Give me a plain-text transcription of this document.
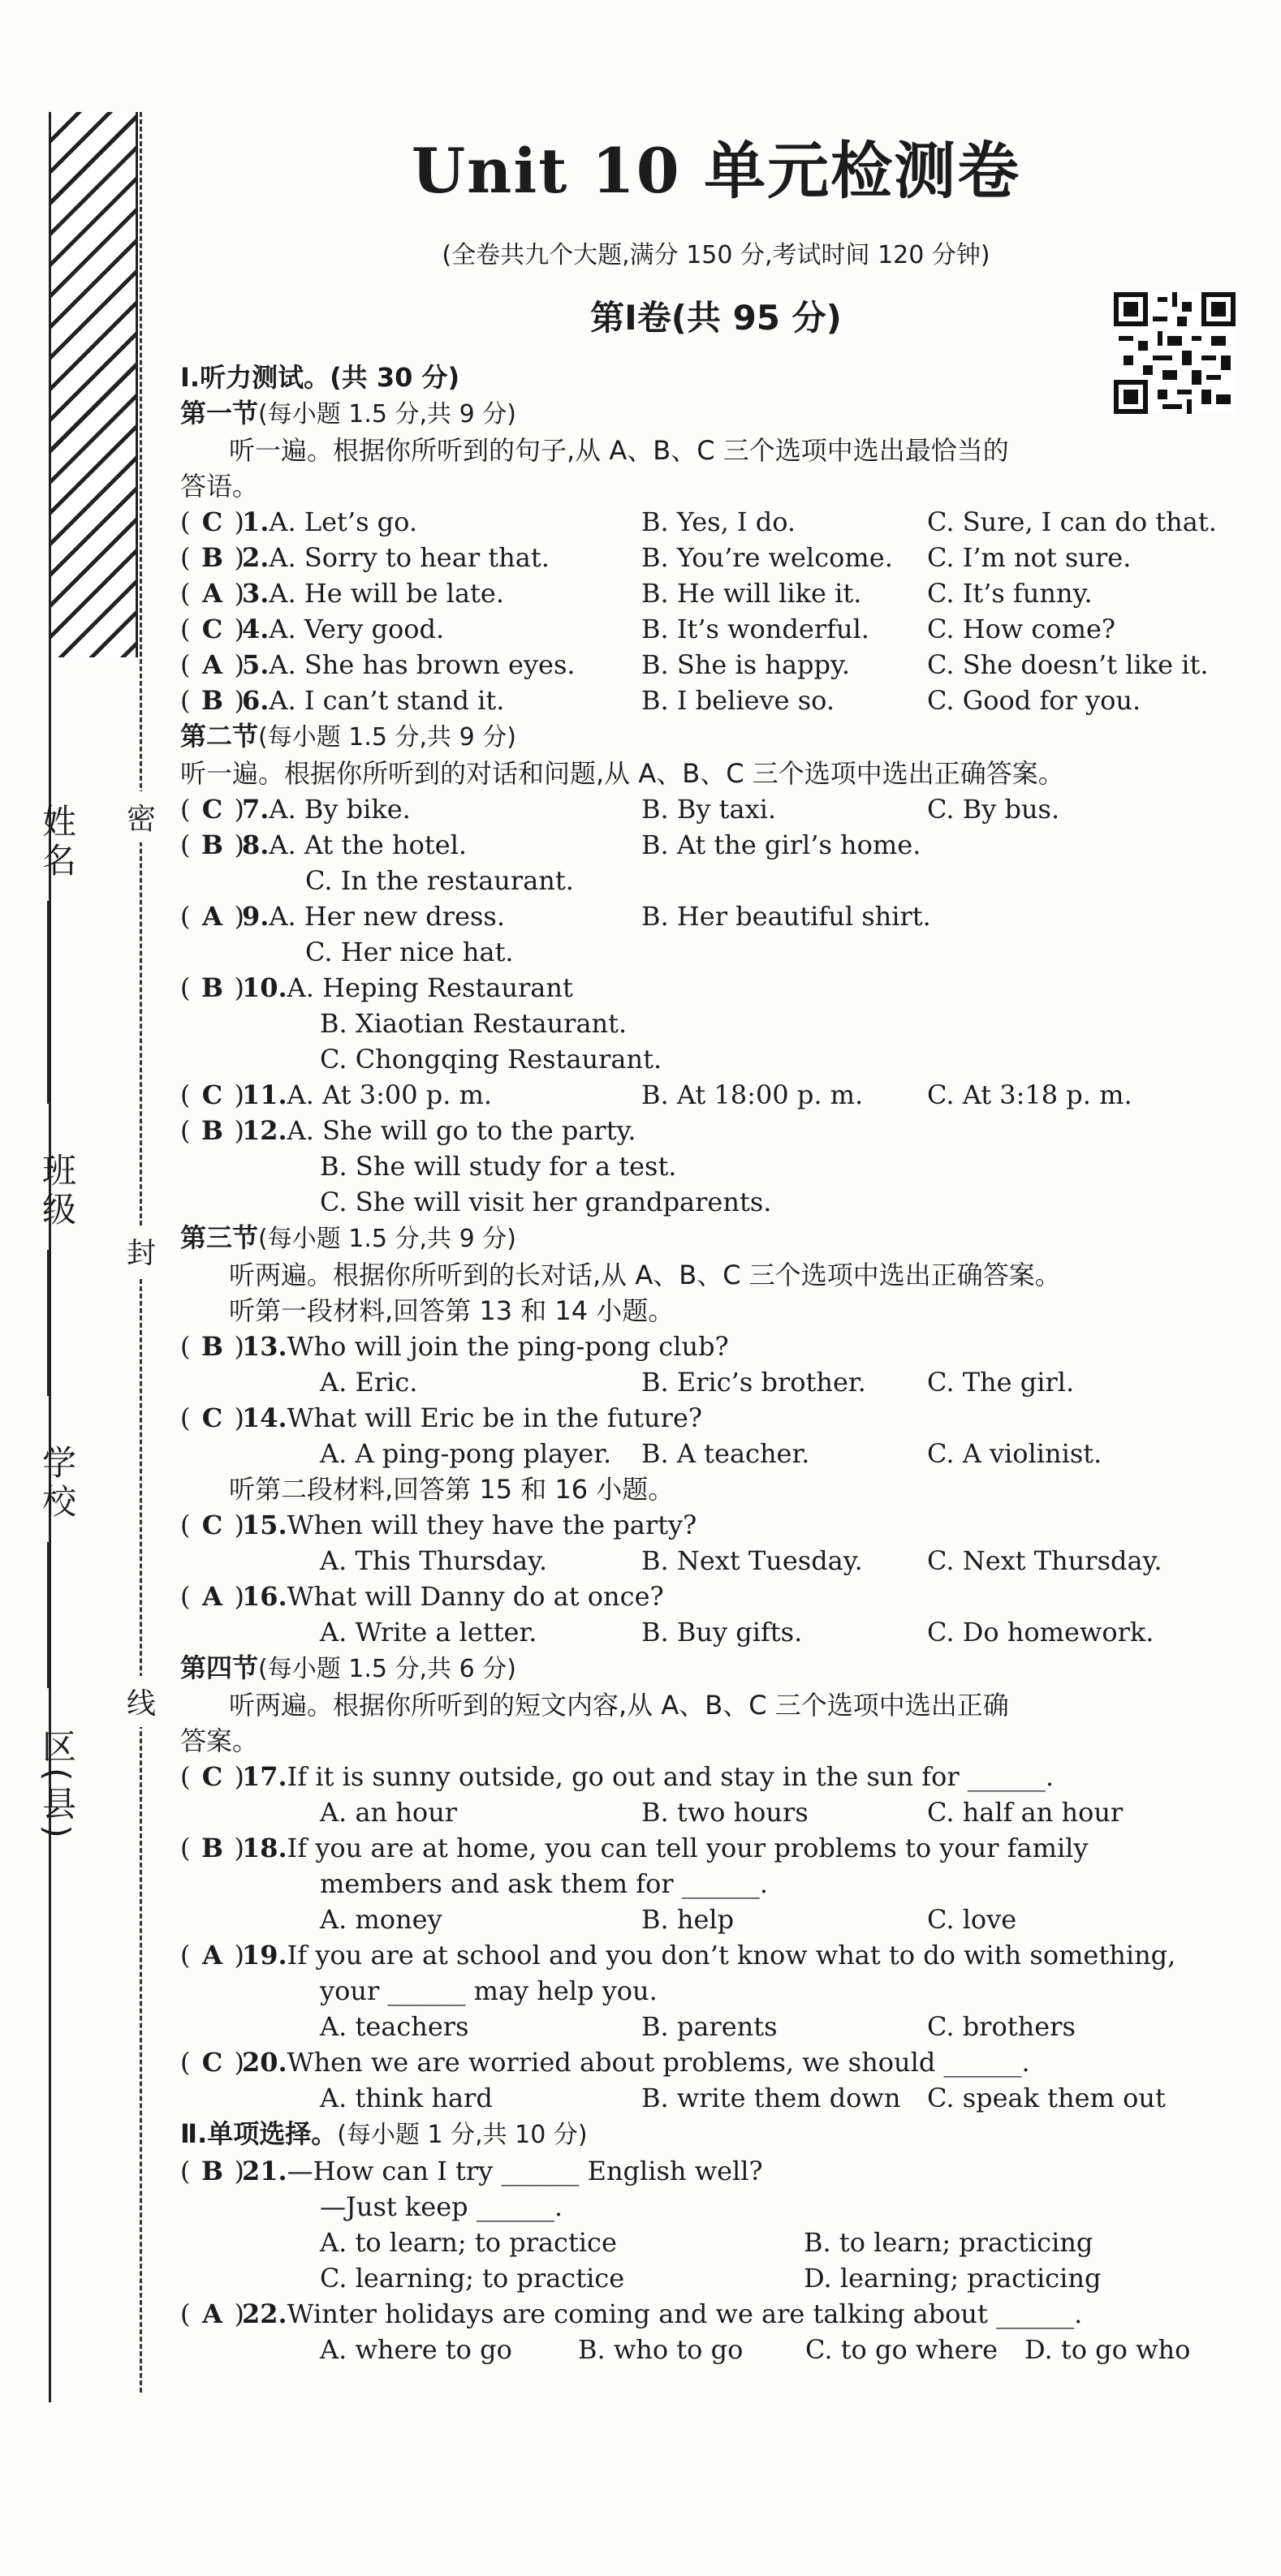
姓名
班级
学校
区(县)
密
封
线
Unit 10 单元检测卷
(全卷共九个大题,满分 150 分,考试时间 120 分钟)
第Ⅰ卷(共 95 分)
Ⅰ.听力测试。(共 30 分)
第一节(每小题 1.5 分,共 9 分)
听一遍。根据你所听到的句子,从 A、B、C 三个选项中选出最恰当的
答语。
( C )
1.A. Let’s go.	B. Yes, I do.	C. Sure, I can do that.
( B )
2.A. Sorry to hear that.	B. You’re welcome. C. I’m not sure.
( A )
3.A. He will be late.	B. He will like it.	C. It’s funny.
( C )
4.A. Very good.	B. It’s wonderful. C. How come?
( A )
5.A. She has brown eyes.	B. She is happy.	C. She doesn’t like it.
( B )
6.A. I can’t stand it.	B. I believe so.	C. Good for you.
第二节(每小题 1.5 分,共 9 分)
听一遍。根据你所听到的对话和问题,从 A、B、C 三个选项中选出正确答案。
( C )
7.A. By bike.	B. By taxi.	C. By bus.
( B )
8.A. At the hotel.	B. At the girl’s home.
C. In the restaurant.
( A )
9.A. Her new dress.	B. Her beautiful shirt.
C. Her nice hat.
( B )
10.A. Heping Restaurant
B. Xiaotian Restaurant.
C. Chongqing Restaurant.
( C )
11.A. At 3:00 p. m.	B. At 18:00 p. m. C. At 3:18 p. m.
( B )
12.A. She will go to the party.
B. She will study for a test.
C. She will visit her grandparents.
第三节(每小题 1.5 分,共 9 分)
听两遍。根据你所听到的长对话,从 A、B、C 三个选项中选出正确答案。
听第一段材料,回答第 13 和 14 小题。
( B )
13.Who will join the ping-pong club?
A. Eric.	B. Eric’s brother. C. The girl.
( C )
14.What will Eric be in the future?
A. A ping-pong player. B. A teacher.	C. A violinist.
听第二段材料,回答第 15 和 16 小题。
( C )
15.When will they have the party?
A. This Thursday.	B. Next Tuesday. C. Next Thursday.
( A )
16.What will Danny do at once?
A. Write a letter.	B. Buy gifts.	C. Do homework.
第四节(每小题 1.5 分,共 6 分)
听两遍。根据你所听到的短文内容,从 A、B、C 三个选项中选出正确
答案。
( C )
17.If it is sunny outside, go out and stay in the sun for ______.
A. an hour	B. two hours	C. half an hour
( B )
18.If you are at home, you can tell your problems to your family
members and ask them for ______.
A. money	B. help	C. love
( A )
19.If you are at school and you don’t know what to do with something,
your ______ may help you.
A. teachers	B. parents	C. brothers
( C )
20.When we are worried about problems, we should ______.
A. think hard	B. write them down C. speak them out
Ⅱ.单项选择。(每小题 1 分,共 10 分)
( B )
21.—How can I try ______ English well?
—Just keep ______.
A. to learn; to practice	B. to learn; practicing
C. learning; to practice	D. learning; practicing
( A )
22.Winter holidays are coming and we are talking about ______.
A. where to go	B. who to go C. to go where D. to go who
